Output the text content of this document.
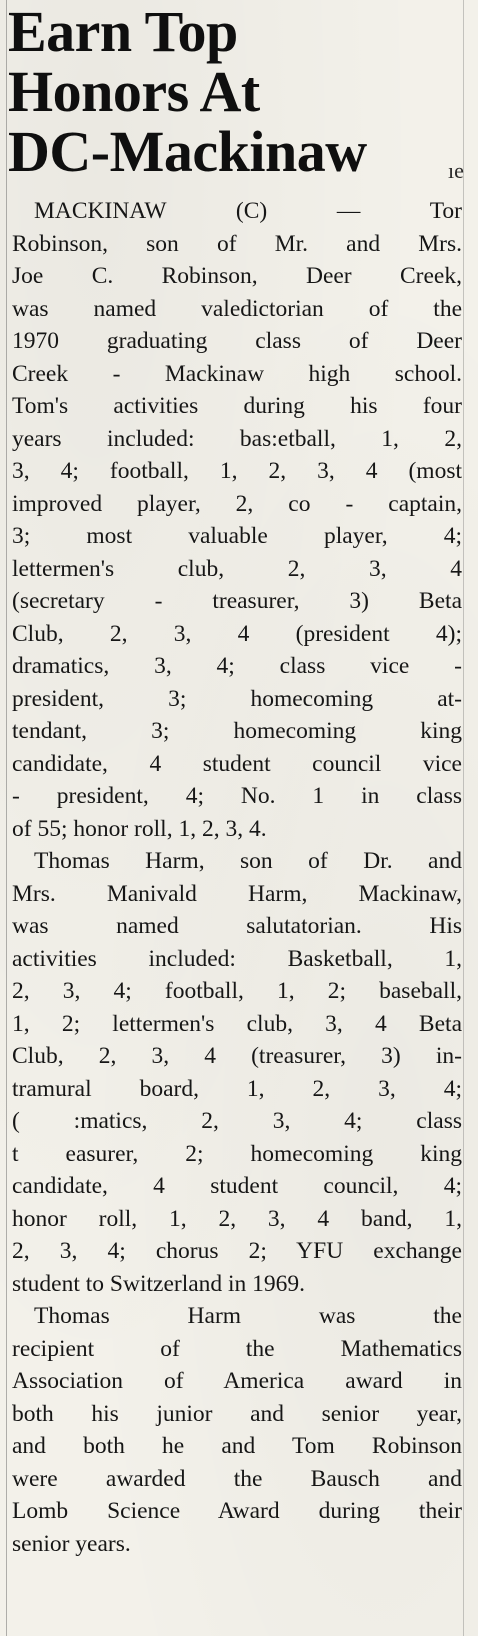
Earn Top
Honors At
DC-Mackinaw	ıe

MACKINAW (C) — Tor
Robinson, son of Mr. and Mrs.
Joe C. Robinson, Deer Creek,
was named valedictorian of the
1970 graduating class of Deer
Creek - Mackinaw high school.
Tom's activities during his four
years included: bas:etball, 1, 2,
3, 4; football, 1, 2, 3, 4 (most
improved player, 2, co - captain,
3; most valuable player, 4;
lettermen's club, 2, 3, 4
(secretary - treasurer, 3) Beta
Club, 2, 3, 4 (president 4);
dramatics, 3, 4; class vice -
president, 3; homecoming at-
tendant, 3; homecoming king
candidate, 4 student council vice
- president, 4; No. 1 in class
of 55; honor roll, 1, 2, 3, 4.

Thomas Harm, son of Dr. and
Mrs. Manivald Harm, Mackinaw,
was named salutatorian. His
activities included: Basketball, 1,
2, 3, 4; football, 1, 2; baseball,
1, 2; lettermen's club, 3, 4 Beta
Club, 2, 3, 4 (treasurer, 3) in-
tramural board, 1, 2, 3, 4;
( :matics, 2, 3, 4; class
t easurer, 2; homecoming king
candidate, 4 student council, 4;
honor roll, 1, 2, 3, 4 band, 1,
2, 3, 4; chorus 2; YFU exchange
student to Switzerland in 1969.

Thomas Harm was the
recipient of the Mathematics
Association of America award in
both his junior and senior year,
and both he and Tom Robinson
were awarded the Bausch and
Lomb Science Award during their
senior years.
